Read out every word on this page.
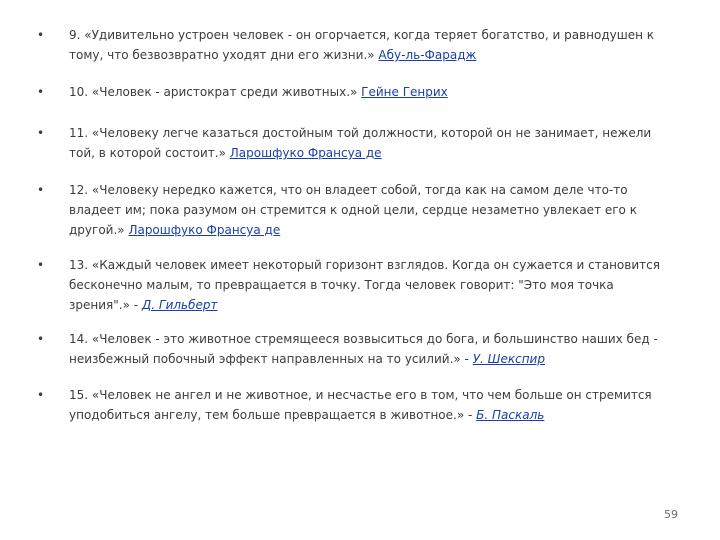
• 9. «Удивительно устроен человек - он огорчается, когда теряет богатство, и равнодушен к тому, что безвозвратно уходят дни его жизни.» Абу-ль-Фарадж
• 10. «Человек - аристократ среди животных.» Гейне Генрих
• 11. «Человеку легче казаться достойным той должности, которой он не занимает, нежели той, в которой состоит.» Ларошфуко Франсуа де
• 12. «Человеку нередко кажется, что он владеет собой, тогда как на самом деле что-то владеет им; пока разумом он стремится к одной цели, сердце незаметно увлекает его к другой.» Ларошфуко Франсуа де
• 13. «Каждый человек имеет некоторый горизонт взглядов. Когда он сужается и становится бесконечно малым, то превращается в точку. Тогда человек говорит: "Это моя точка зрения".» - Д. Гильберт
• 14. «Человек - это животное стремящееся возвыситься до бога, и большинство наших бед - неизбежный побочный эффект направленных на то усилий.» - У. Шекспир
• 15. «Человек не ангел и не животное, и несчастье его в том, что чем больше он стремится уподобиться ангелу, тем больше превращается в животное.» - Б. Паскаль
59
